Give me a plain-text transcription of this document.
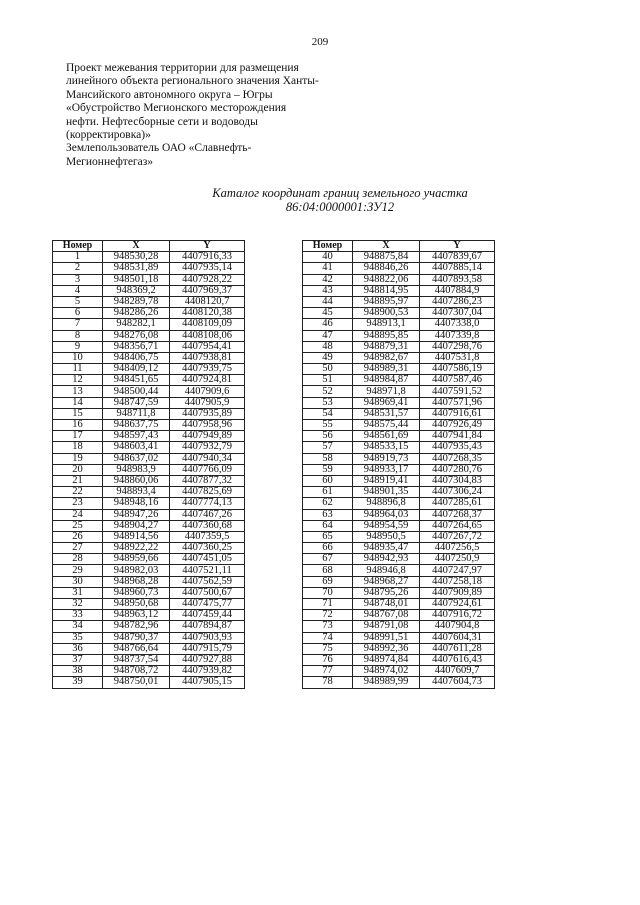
209
Проект межевания территории для размещения
линейного объекта регионального значения Ханты-
Мансийского автономного округа – Югры
«Обустройство Мегионского месторождения
нефти. Нефтесборные сети и водоводы
(корректировка)»
Землепользователь ОАО «Славнефть-
Мегионнефтегаз»
Каталог координат границ земельного участка
86:04:0000001:ЗУ12
Номер	X	Y
1	948530,28	4407916,33
2	948531,89	4407935,14
3	948501,18	4407928,22
4	948369,2	4407969,37
5	948289,78	4408120,7
6	948286,26	4408120,38
7	948282,1	4408109,09
8	948276,08	4408108,06
9	948356,71	4407954,41
10	948406,75	4407938,81
11	948409,12	4407939,75
12	948451,65	4407924,81
13	948500,44	4407909,6
14	948747,59	4407905,9
15	948711,8	4407935,89
16	948637,75	4407958,96
17	948597,43	4407949,89
18	948603,41	4407932,79
19	948637,02	4407940,34
20	948983,9	4407766,09
21	948860,06	4407877,32
22	948893,4	4407825,69
23	948948,16	4407774,13
24	948947,26	4407467,26
25	948904,27	4407360,68
26	948914,56	4407359,5
27	948922,22	4407360,25
28	948959,66	4407451,05
29	948982,03	4407521,11
30	948968,28	4407562,59
31	948960,73	4407500,67
32	948950,68	4407475,77
33	948963,12	4407459,44
34	948782,96	4407894,87
35	948790,37	4407903,93
36	948766,64	4407915,79
37	948737,54	4407927,88
38	948708,72	4407939,82
39	948750,01	4407905,15
Номер	X	Y
40	948875,84	4407839,67
41	948846,26	4407885,14
42	948822,06	4407893,58
43	948814,95	4407884,9
44	948895,97	4407286,23
45	948900,53	4407307,04
46	948913,1	4407338,0
47	948895,85	4407339,8
48	948879,31	4407298,76
49	948982,67	4407531,8
50	948989,31	4407586,19
51	948984,87	4407587,46
52	948971,8	4407591,52
53	948969,41	4407571,96
54	948531,57	4407916,61
55	948575,44	4407926,49
56	948561,69	4407941,84
57	948533,15	4407935,43
58	948919,73	4407268,35
59	948933,17	4407280,76
60	948919,41	4407304,83
61	948901,35	4407306,24
62	948896,8	4407285,61
63	948964,03	4407268,37
64	948954,59	4407264,65
65	948950,5	4407267,72
66	948935,47	4407256,5
67	948942,93	4407250,9
68	948946,8	4407247,97
69	948968,27	4407258,18
70	948795,26	4407909,89
71	948748,01	4407924,61
72	948767,08	4407916,72
73	948791,08	4407904,8
74	948991,51	4407604,31
75	948992,36	4407611,28
76	948974,84	4407616,43
77	948974,02	4407609,7
78	948989,99	4407604,73
